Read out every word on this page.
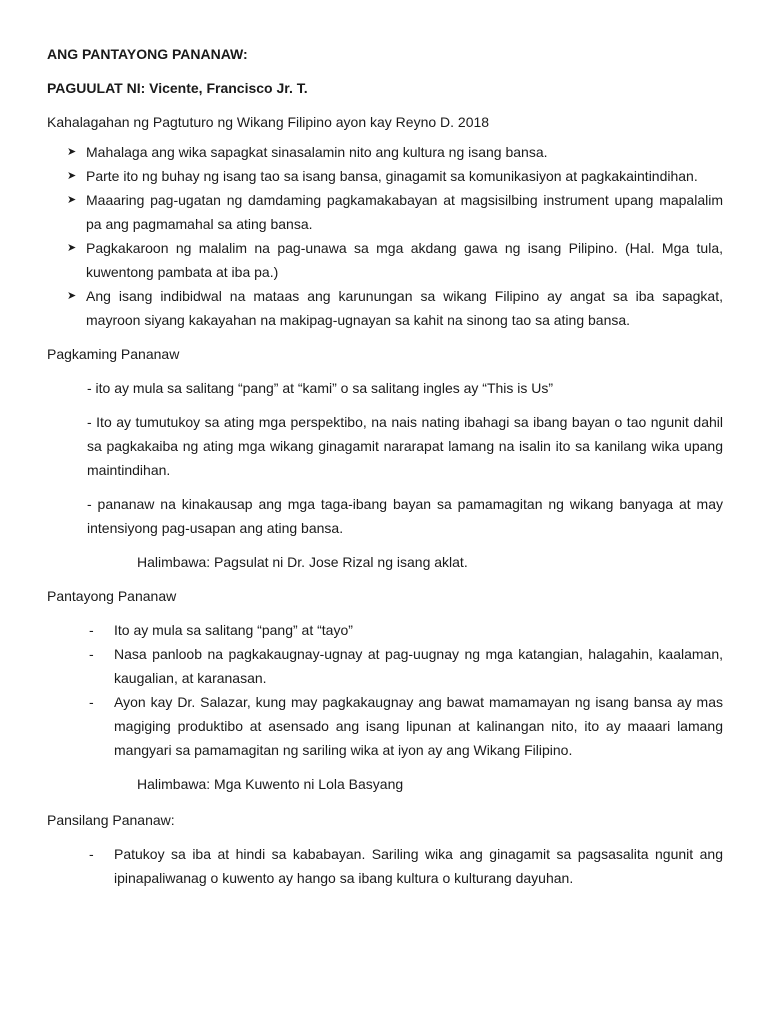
ANG PANTAYONG PANANAW:

PAGUULAT NI: Vicente, Francisco Jr. T.

Kahalagahan ng Pagtuturo ng Wikang Filipino ayon kay Reyno D. 2018

➤ Mahalaga ang wika sapagkat sinasalamin nito ang kultura ng isang bansa.
➤ Parte ito ng buhay ng isang tao sa isang bansa, ginagamit sa komunikasiyon at pagkakaintindihan.
➤ Maaaring pag-ugatan ng damdaming pagkamakabayan at magsisilbing instrument upang mapalalim pa ang pagmamahal sa ating bansa.
➤ Pagkakaroon ng malalim na pag-unawa sa mga akdang gawa ng isang Pilipino. (Hal. Mga tula, kuwentong pambata at iba pa.)
➤ Ang isang indibidwal na mataas ang karunungan sa wikang Filipino ay angat sa iba sapagkat, mayroon siyang kakayahan na makipag-ugnayan sa kahit na sinong tao sa ating bansa.

Pagkaming Pananaw

- ito ay mula sa salitang “pang” at “kami” o sa salitang ingles ay “This is Us”

- Ito ay tumutukoy sa ating mga perspektibo, na nais nating ibahagi sa ibang bayan o tao ngunit dahil sa pagkakaiba ng ating mga wikang ginagamit nararapat lamang na isalin ito sa kanilang wika upang maintindihan.

- pananaw na kinakausap ang mga taga-ibang bayan sa pamamagitan ng wikang banyaga at may intensiyong pag-usapan ang ating bansa.

Halimbawa: Pagsulat ni Dr. Jose Rizal ng isang aklat.

Pantayong Pananaw

- Ito ay mula sa salitang “pang” at “tayo”
- Nasa panloob na pagkakaugnay-ugnay at pag-uugnay ng mga katangian, halagahin, kaalaman, kaugalian, at karanasan.
- Ayon kay Dr. Salazar, kung may pagkakaugnay ang bawat mamamayan ng isang bansa ay mas magiging produktibo at asensado ang isang lipunan at kalinangan nito, ito ay maaari lamang mangyari sa pamamagitan ng sariling wika at iyon ay ang Wikang Filipino.

Halimbawa: Mga Kuwento ni Lola Basyang

Pansilang Pananaw:

- Patukoy sa iba at hindi sa kababayan. Sariling wika ang ginagamit sa pagsasalita ngunit ang ipinapaliwanag o kuwento ay hango sa ibang kultura o kulturang dayuhan.
